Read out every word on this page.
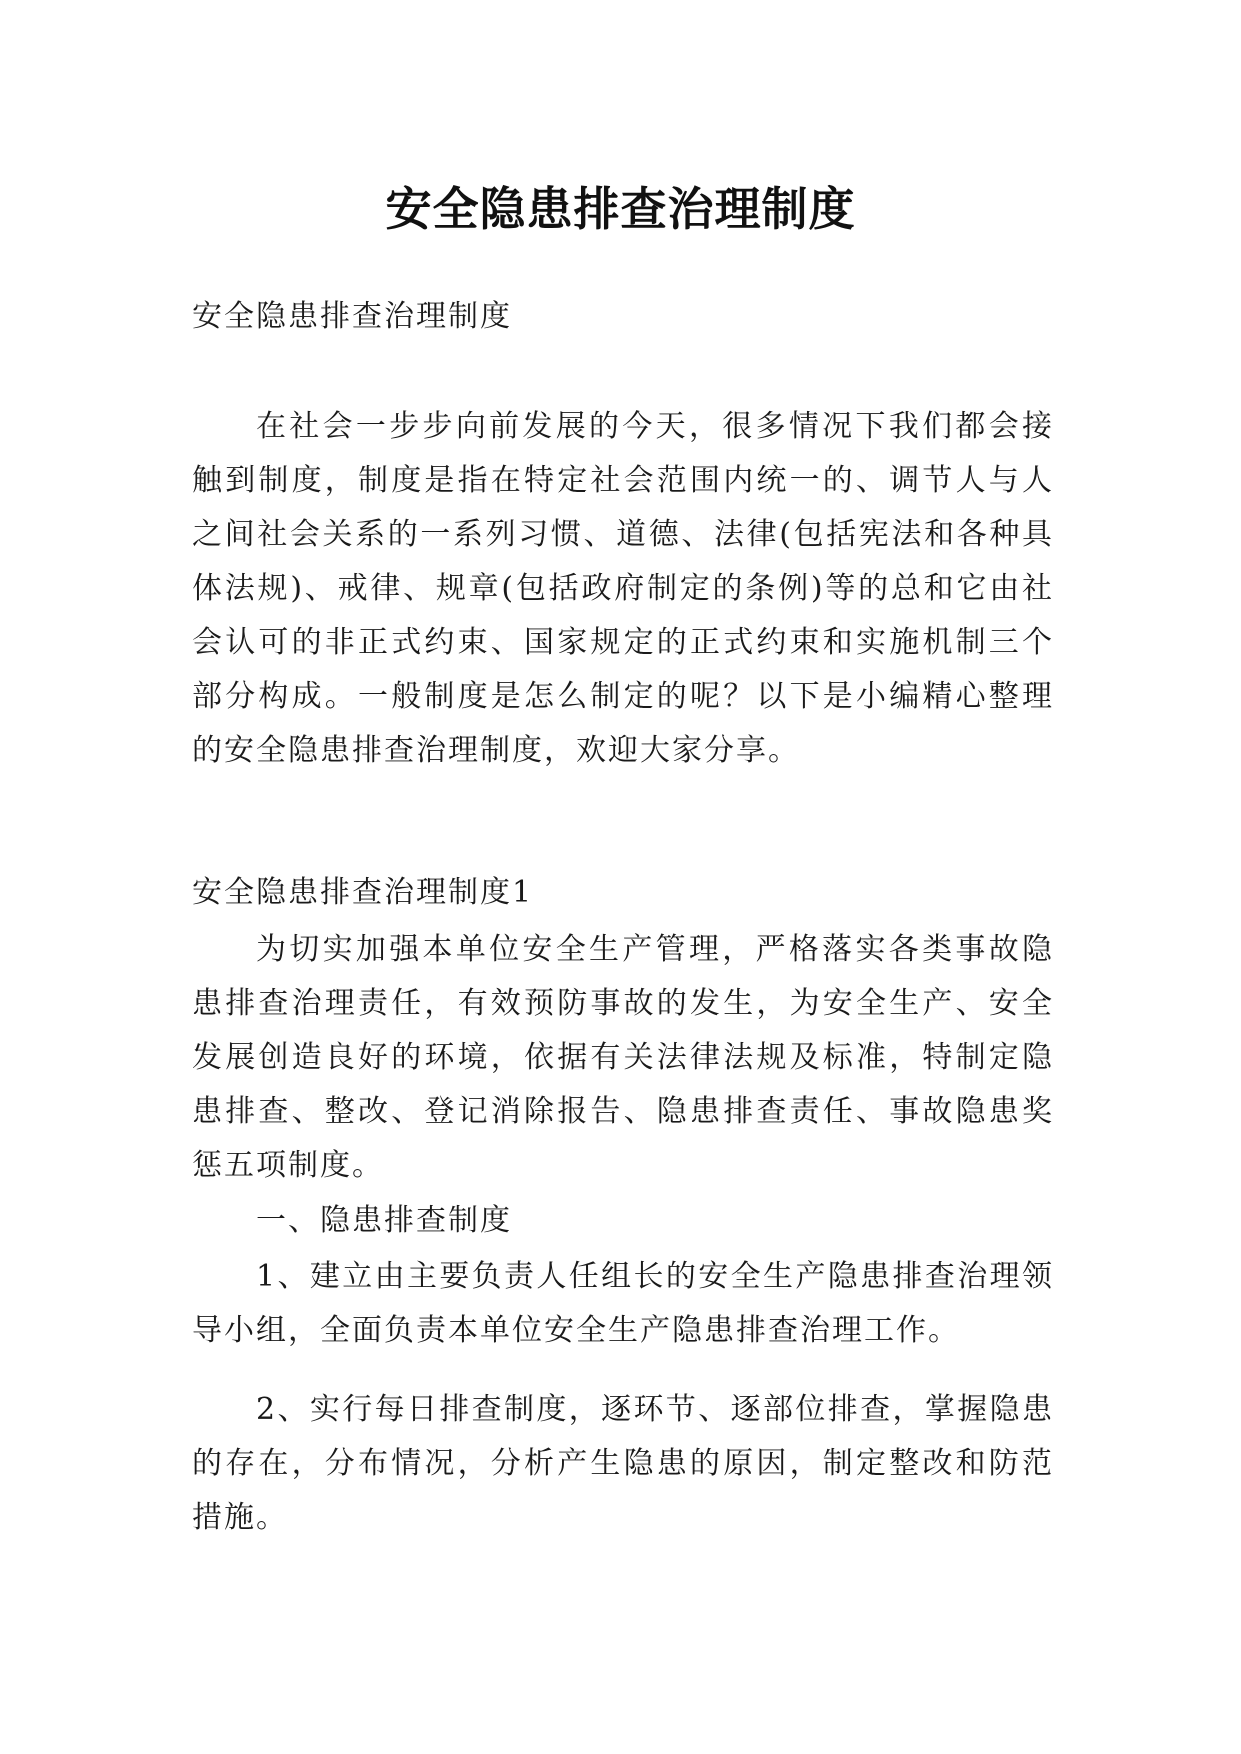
安全隐患排查治理制度

安全隐患排查治理制度

在社会一步步向前发展的今天，很多情况下我们都会接触到制度，制度是指在特定社会范围内统一的、调节人与人之间社会关系的一系列习惯、道德、法律(包括宪法和各种具体法规)、戒律、规章(包括政府制定的条例)等的总和它由社会认可的非正式约束、国家规定的正式约束和实施机制三个部分构成。一般制度是怎么制定的呢？以下是小编精心整理的安全隐患排查治理制度，欢迎大家分享。

安全隐患排查治理制度1

为切实加强本单位安全生产管理，严格落实各类事故隐患排查治理责任，有效预防事故的发生，为安全生产、安全发展创造良好的环境，依据有关法律法规及标准，特制定隐患排查、整改、登记消除报告、隐患排查责任、事故隐患奖惩五项制度。

一、隐患排查制度

1、建立由主要负责人任组长的安全生产隐患排查治理领导小组，全面负责本单位安全生产隐患排查治理工作。

2、实行每日排查制度，逐环节、逐部位排查，掌握隐患的存在，分布情况，分析产生隐患的原因，制定整改和防范措施。
